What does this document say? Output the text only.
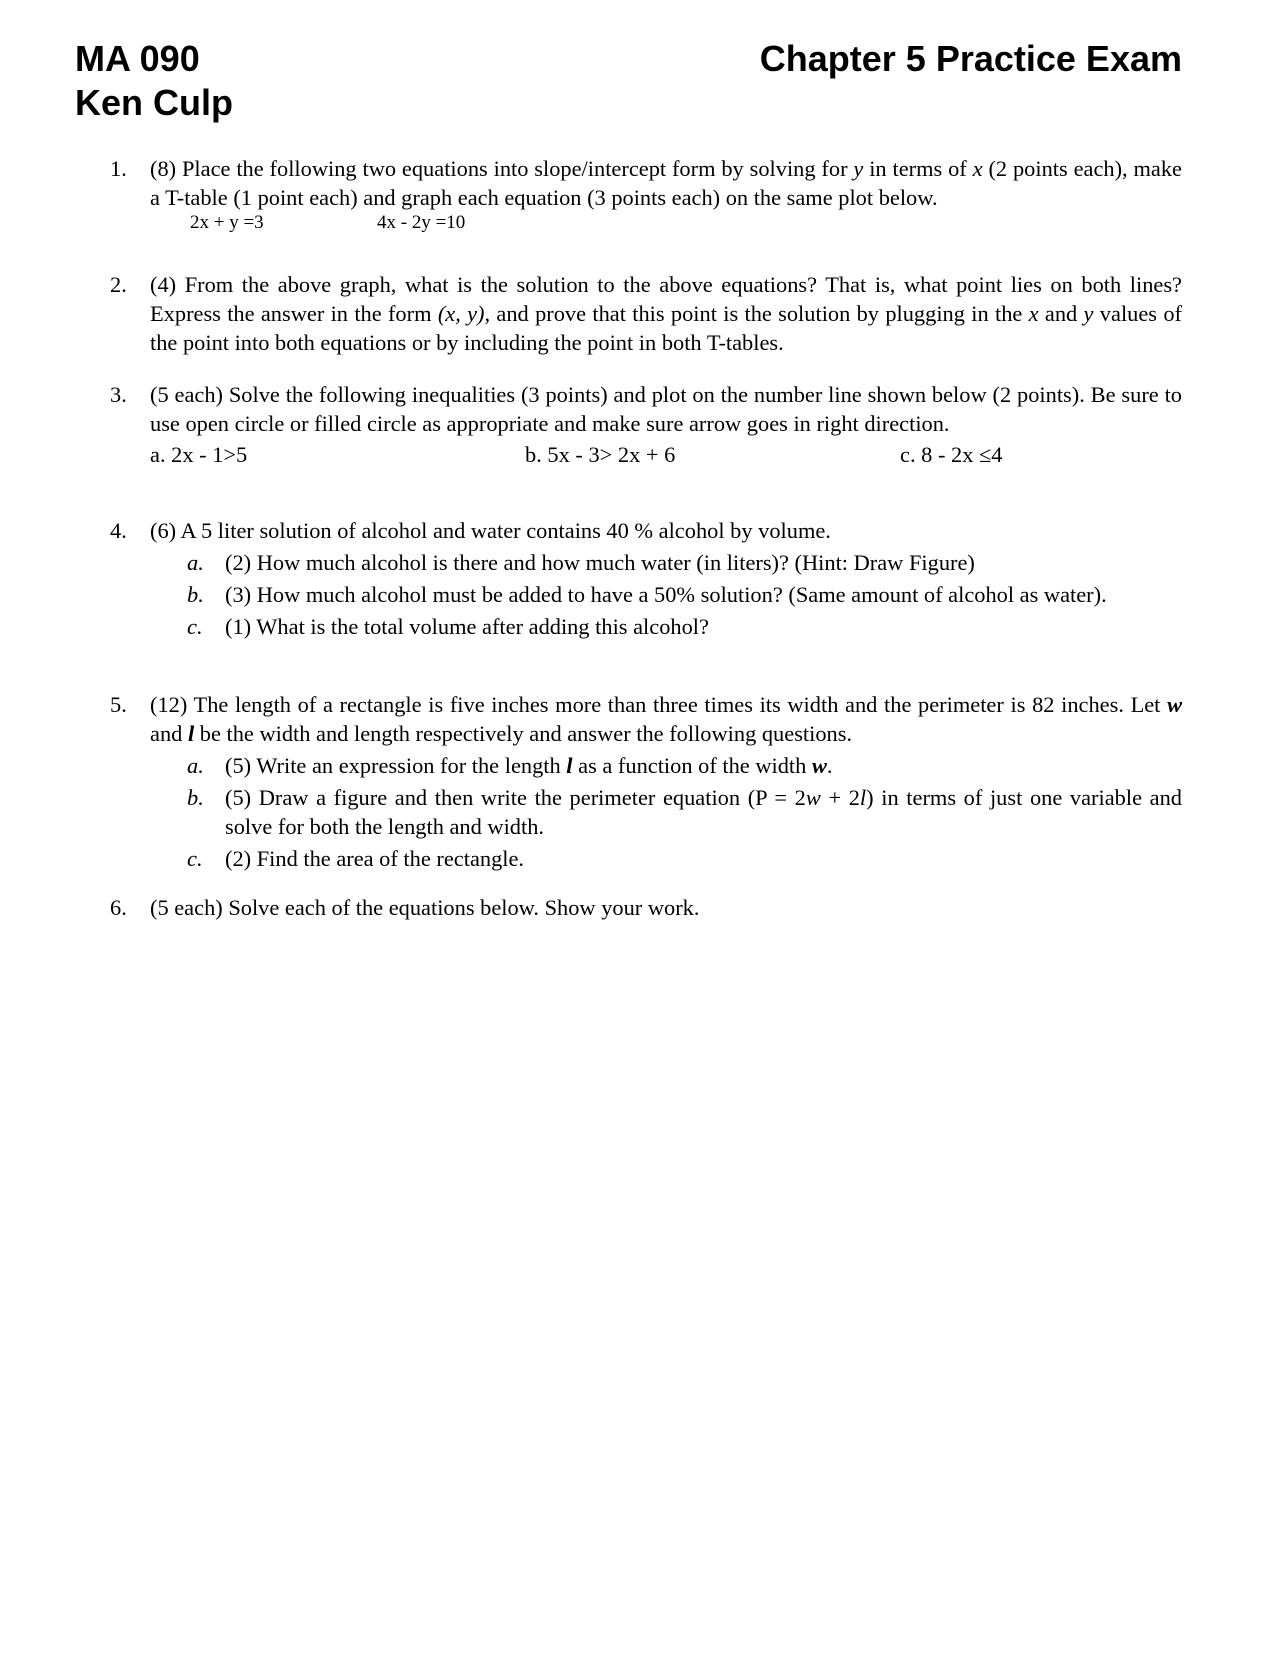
MA 090
Ken Culp
Chapter 5 Practice Exam
1. (8) Place the following two equations into slope/intercept form by solving for y in terms of x (2 points each), make a T-table (1 point each) and graph each equation (3 points each) on the same plot below.
2x + y =3	4x - 2y =10
2. (4) From the above graph, what is the solution to the above equations? That is, what point lies on both lines? Express the answer in the form (x, y), and prove that this point is the solution by plugging in the x and y values of the point into both equations or by including the point in both T-tables.
3. (5 each) Solve the following inequalities (3 points) and plot on the number line shown below (2 points). Be sure to use open circle or filled circle as appropriate and make sure arrow goes in right direction.
a. 2x - 1>5	b. 5x - 3> 2x + 6	c. 8 - 2x ≤4
4. (6) A 5 liter solution of alcohol and water contains 40 % alcohol by volume.
a. (2) How much alcohol is there and how much water (in liters)? (Hint: Draw Figure)
b. (3) How much alcohol must be added to have a 50% solution? (Same amount of alcohol as water).
c. (1) What is the total volume after adding this alcohol?
5. (12) The length of a rectangle is five inches more than three times its width and the perimeter is 82 inches. Let w and l be the width and length respectively and answer the following questions.
a. (5) Write an expression for the length l as a function of the width w.
b. (5) Draw a figure and then write the perimeter equation (P = 2w + 2l) in terms of just one variable and solve for both the length and width.
c. (2) Find the area of the rectangle.
6. (5 each) Solve each of the equations below. Show your work.
